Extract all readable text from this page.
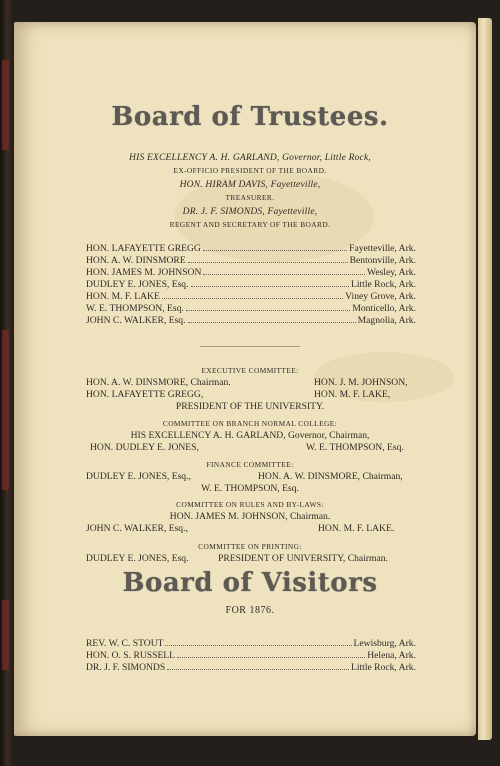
Board of Trustees.
HIS EXCELLENCY A. H. GARLAND, Governor, Little Rock,
EX-OFFICIO PRESIDENT OF THE BOARD.
HON. HIRAM DAVIS, Fayetteville,
TREASURER.
DR. J. F. SIMONDS, Fayetteville,
REGENT AND SECRETARY OF THE BOARD.
HON. LAFAYETTE GREGG	Fayetteville, Ark.
HON. A. W. DINSMORE	Bentonville, Ark.
HON. JAMES M. JOHNSON	Wesley, Ark.
DUDLEY E. JONES, Esq.	Little Rock, Ark.
HON. M. F. LAKE	Viney Grove, Ark.
W. E. THOMPSON, Esq.	Monticello, Ark.
JOHN C. WALKER, Esq.	Magnolia, Ark.
EXECUTIVE COMMITTEE:
HON. A. W. DINSMORE, Chairman.	HON. J. M. JOHNSON,
HON. LAFAYETTE GREGG,	HON. M. F. LAKE,
PRESIDENT OF THE UNIVERSITY.
COMMITTEE ON BRANCH NORMAL COLLEGE:
HIS EXCELLENCY A. H. GARLAND, Governor, Chairman,
HON. DUDLEY E. JONES,	W. E. THOMPSON, Esq.
FINANCE COMMITTEE:
DUDLEY E. JONES, Esq.,	HON. A. W. DINSMORE, Chairman,
W. E. THOMPSON, Esq.
COMMITTEE ON RULES AND BY-LAWS:
HON. JAMES M. JOHNSON, Chairman.
JOHN C. WALKER, Esq.,	HON. M. F. LAKE.
COMMITTEE ON PRINTING:
DUDLEY E. JONES, Esq.	PRESIDENT OF UNIVERSITY, Chairman.
Board of Visitors
FOR 1876.
REV. W. C. STOUT	Lewisburg, Ark.
HON. O. S. RUSSELL	Helena, Ark.
DR. J. F. SIMONDS	Little Rock, Ark.
